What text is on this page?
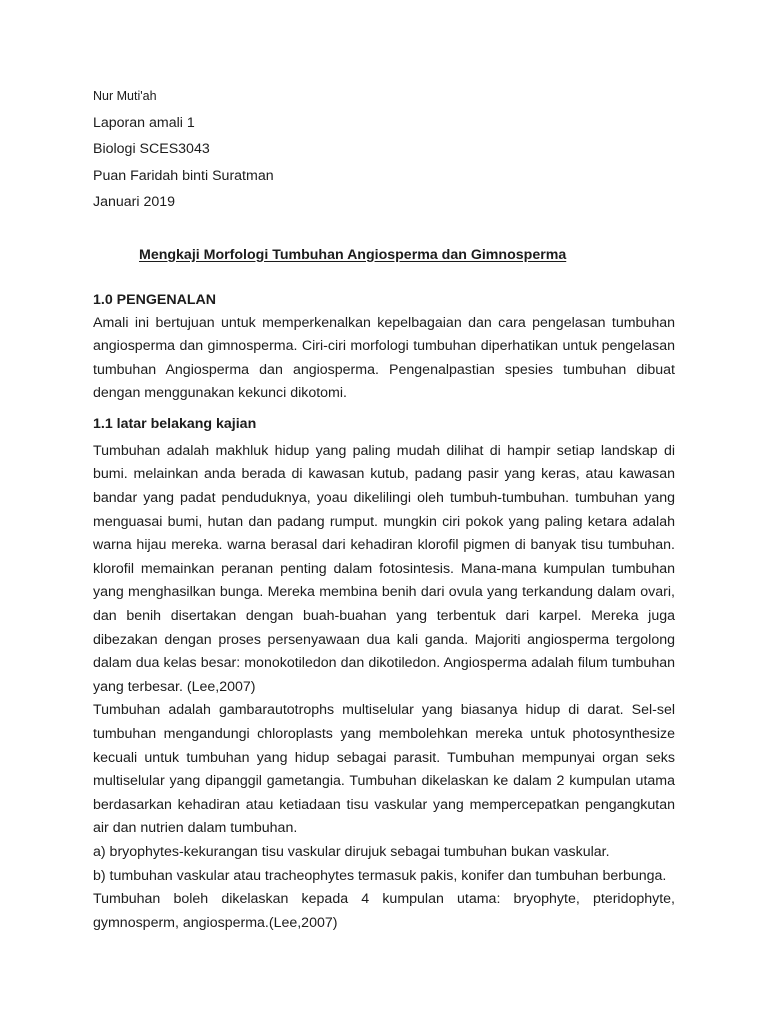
Nur Muti'ah
Laporan amali 1
Biologi SCES3043
Puan Faridah binti Suratman
Januari 2019
Mengkaji Morfologi Tumbuhan Angiosperma dan Gimnosperma
1.0 PENGENALAN

Amali ini bertujuan untuk memperkenalkan kepelbagaian dan cara pengelasan tumbuhan angiosperma dan gimnosperma. Ciri-ciri morfologi tumbuhan diperhatikan untuk pengelasan tumbuhan Angiosperma dan angiosperma. Pengenalpastian spesies tumbuhan dibuat dengan menggunakan kekunci dikotomi.

1.1 latar belakang kajian

Tumbuhan adalah makhluk hidup yang paling mudah dilihat di hampir setiap landskap di bumi. melainkan anda berada di kawasan kutub, padang pasir yang keras, atau kawasan bandar yang padat penduduknya, yoau dikelilingi oleh tumbuh-tumbuhan. tumbuhan yang menguasai bumi, hutan dan padang rumput. mungkin ciri pokok yang paling ketara adalah warna hijau mereka. warna berasal dari kehadiran klorofil pigmen di banyak tisu tumbuhan. klorofil memainkan peranan penting dalam fotosintesis. Mana-mana kumpulan tumbuhan yang menghasilkan bunga. Mereka membina benih dari ovula yang terkandung dalam ovari, dan benih disertakan dengan buah-buahan yang terbentuk dari karpel. Mereka juga dibezakan dengan proses persenyawaan dua kali ganda. Majoriti angiosperma tergolong dalam dua kelas besar: monokotiledon dan dikotiledon. Angiosperma adalah filum tumbuhan yang terbesar. (Lee,2007)

Tumbuhan adalah gambarautotrophs multiselular yang biasanya hidup di darat. Sel-sel tumbuhan mengandungi chloroplasts yang membolehkan mereka untuk photosynthesize kecuali untuk tumbuhan yang hidup sebagai parasit. Tumbuhan mempunyai organ seks multiselular yang dipanggil gametangia. Tumbuhan dikelaskan ke dalam 2 kumpulan utama berdasarkan kehadiran atau ketiadaan tisu vaskular yang mempercepatkan pengangkutan air dan nutrien dalam tumbuhan.

a) bryophytes-kekurangan tisu vaskular dirujuk sebagai tumbuhan bukan vaskular.

b) tumbuhan vaskular atau tracheophytes termasuk pakis, konifer dan tumbuhan berbunga.

Tumbuhan boleh dikelaskan kepada 4 kumpulan utama: bryophyte, pteridophyte, gymnosperm, angiosperma.(Lee,2007)
